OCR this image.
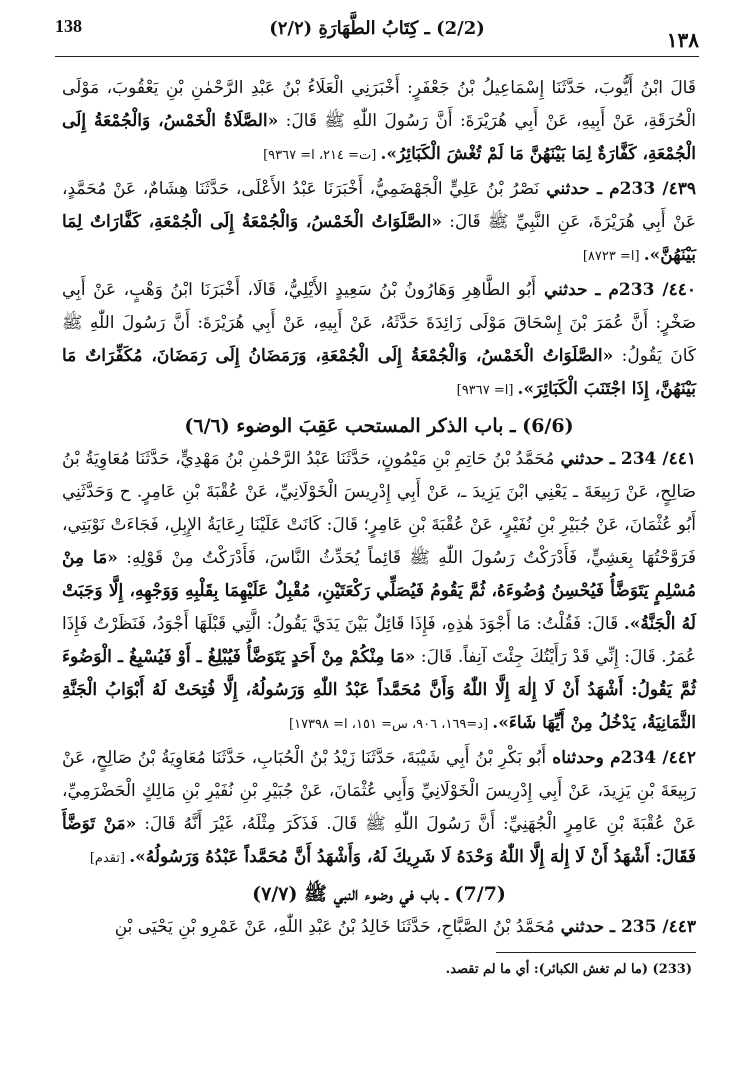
138	(2/2) ـ كِتَابُ الطَّهَارَةِ (٢/٢)	١٣٨

قَالَ ابْنُ أَيُّوبَ، حَدَّثَنَا إِسْمَاعِيلُ بْنُ جَعْفَرٍ: أَخْبَرَنِي الْعَلَاءُ بْنُ عَبْدِ الرَّحْمٰنِ بْنِ يَعْقُوبَ، مَوْلَى الْحُرَقَةِ، عَنْ أَبِيهِ، عَنْ أَبِي هُرَيْرَةَ: أَنَّ رَسُولَ اللّٰهِ ﷺ قَالَ: «الصَّلَاةُ الْخَمْسُ، وَالْجُمْعَةُ إِلَى الْجُمْعَةِ، كَفَّارَةٌ لِمَا بَيْنَهُنَّ مَا لَمْ تُغْشَ الْكَبَائِرُ». [ت= ٢١٤، ا= ٩٣٦٧]

٤٣٩/ 233م ـ حدثني نَصْرُ بْنُ عَلِيٍّ الْجَهْضَمِيُّ، أَخْبَرَنَا عَبْدُ الأَعْلَى، حَدَّثَنَا هِشَامٌ، عَنْ مُحَمَّدٍ، عَنْ أَبِي هُرَيْرَةَ، عَنِ النَّبِيِّ ﷺ قَالَ: «الصَّلَوَاتُ الْخَمْسُ، وَالْجُمْعَةُ إِلَى الْجُمْعَةِ، كَفَّارَاتٌ لِمَا بَيْنَهُنَّ». [ا= ٨٧٢٣]

٤٤٠/ 233م ـ حدثني أَبُو الطَّاهِرِ وَهَارُونُ بْنُ سَعِيدٍ الأَيْلِيُّ، قَالَا، أَخْبَرَنَا ابْنُ وَهْبٍ، عَنْ أَبِي صَخْرٍ: أَنَّ عُمَرَ بْنَ إِسْحَاقَ مَوْلَى زَائِدَةَ حَدَّثَهُ، عَنْ أَبِيهِ، عَنْ أَبِي هُرَيْرَةَ: أَنَّ رَسُولَ اللّٰهِ ﷺ كَانَ يَقُولُ: «الصَّلَوَاتُ الْخَمْسُ، وَالْجُمْعَةُ إِلَى الْجُمْعَةِ، وَرَمَضَانُ إِلَى رَمَضَانَ، مُكَفِّرَاتٌ مَا بَيْنَهُنَّ، إِذَا اجْتَنَبَ الْكَبَائِرَ». [ا= ٩٣٦٧]

(6/6) ـ باب الذكر المستحب عَقِبَ الوضوء (٦/٦)

٤٤١/ 234 ـ حدثني مُحَمَّدُ بْنُ حَاتِمِ بْنِ مَيْمُونٍ، حَدَّثَنَا عَبْدُ الرَّحْمٰنِ بْنُ مَهْدِيٍّ، حَدَّثَنَا مُعَاوِيَةُ بْنُ صَالِحٍ، عَنْ رَبِيعَةَ ـ يَعْنِي ابْنَ يَزِيدَ ـ، عَنْ أَبِي إِدْرِيسَ الْخَوْلَانِيِّ، عَنْ عُقْبَةَ بْنِ عَامِرٍ. ح وَحَدَّثَنِي أَبُو عُثْمَانَ، عَنْ جُبَيْرِ بْنِ نُفَيْرٍ، عَنْ عُقْبَةَ بْنِ عَامِرٍ؛ قَالَ: كَانَتْ عَلَيْنَا رِعَايَةُ الإِبِلِ، فَجَاءَتْ نَوْبَتِي، فَرَوَّحْتُهَا بِعَشِيٍّ، فَأَدْرَكْتُ رَسُولَ اللّٰهِ ﷺ قَائِماً يُحَدِّثُ النَّاسَ، فَأَدْرَكْتُ مِنْ قَوْلِهِ: «مَا مِنْ مُسْلِمٍ يَتَوَضَّأُ فَيُحْسِنُ وُضُوءَهُ، ثُمَّ يَقُومُ فَيُصَلِّي رَكْعَتَيْنِ، مُقْبِلٌ عَلَيْهِمَا بِقَلْبِهِ وَوَجْهِهِ، إِلَّا وَجَبَتْ لَهُ الْجَنَّةُ». قَالَ: فَقُلْتُ: مَا أَجْوَدَ هٰذِهِ، فَإِذَا قَائِلٌ بَيْنَ يَدَيَّ يَقُولُ: الَّتِي قَبْلَهَا أَجْوَدُ، فَنَظَرْتُ فَإِذَا عُمَرُ. قَالَ: إِنِّي قَدْ رَأَيْتُكَ جِئْتَ آنِفاً. قَالَ: «مَا مِنْكُمْ مِنْ أَحَدٍ يَتَوَضَّأُ فَيُبْلِغُ ـ أَوْ فَيُسْبِغُ ـ الْوَضُوءَ ثُمَّ يَقُولُ: أَشْهَدُ أَنْ لَا إِلٰهَ إِلَّا اللّٰهُ وَأَنَّ مُحَمَّداً عَبْدُ اللّٰهِ وَرَسُولُهُ، إِلَّا فُتِحَتْ لَهُ أَبْوَابُ الْجَنَّةِ الثَّمَانِيَةُ، يَدْخُلُ مِنْ أَيِّهَا شَاءَ». [د=١٦٩، ٩٠٦، س= ١٥١، ا= ١٧٣٩٨]

٤٤٢/ 234م وحدثناه أَبُو بَكْرِ بْنُ أَبِي شَيْبَةَ، حَدَّثَنَا زَيْدُ بْنُ الْحُبَابِ، حَدَّثَنَا مُعَاوِيَةُ بْنُ صَالِحٍ، عَنْ رَبِيعَةَ بْنِ يَزِيدَ، عَنْ أَبِي إِدْرِيسَ الْخَوْلَانِيِّ وَأَبِي عُثْمَانَ، عَنْ جُبَيْرِ بْنِ نُفَيْرِ بْنِ مَالِكٍ الْحَضْرَمِيِّ، عَنْ عُقْبَةَ بْنِ عَامِرٍ الْجُهَنِيِّ: أَنَّ رَسُولَ اللّٰهِ ﷺ قَالَ. فَذَكَرَ مِثْلَهُ، غَيْرَ أَنَّهُ قَالَ: «مَنْ تَوَضَّأَ فَقَالَ: أَشْهَدُ أَنْ لَا إِلٰهَ إِلَّا اللّٰهُ وَحْدَهُ لَا شَرِيكَ لَهُ، وَأَشْهَدُ أَنَّ مُحَمَّداً عَبْدُهُ وَرَسُولُهُ». [تقدم]

(7/7) ـ باب في وضوء النبي ﷺ (٧/٧)

٤٤٣/ 235 ـ حدثني مُحَمَّدُ بْنُ الصَّبَّاحِ، حَدَّثَنَا خَالِدُ بْنُ عَبْدِ اللّٰهِ، عَنْ عَمْرِو بْنِ يَحْيَى بْنِ

(233) (ما لم تغش الكبائر): أي ما لم تقصد.
